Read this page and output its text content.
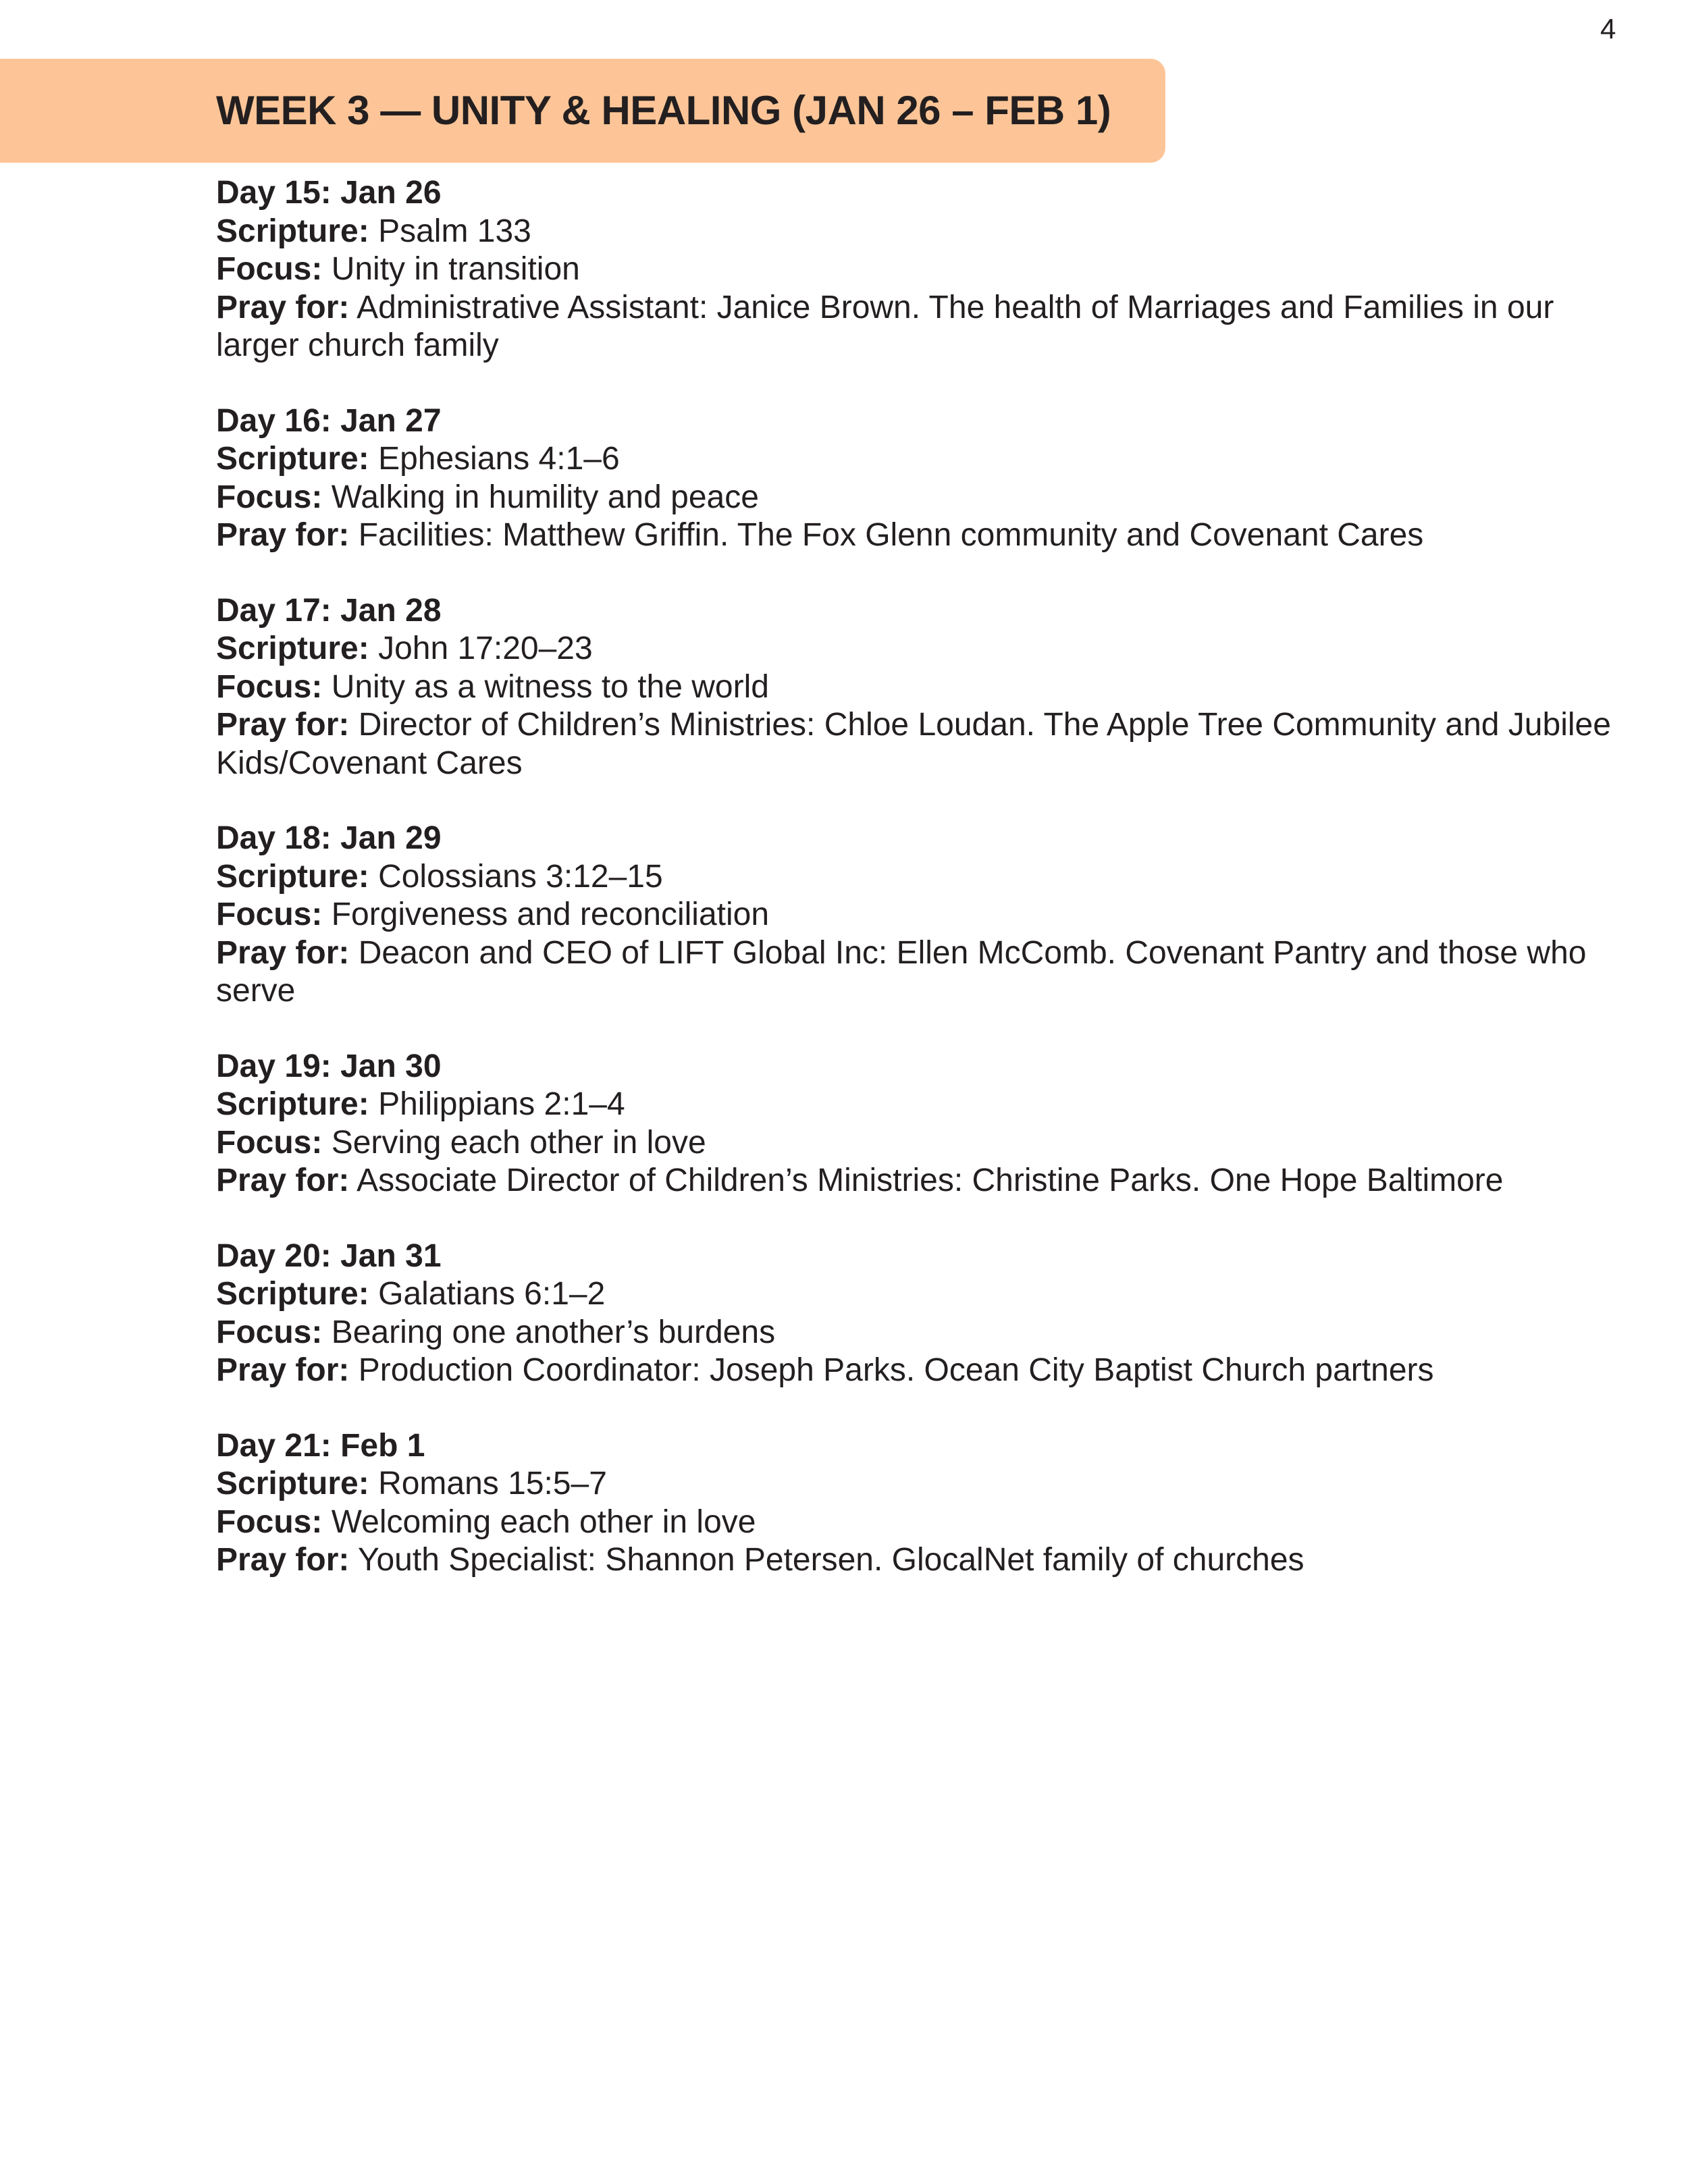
4
WEEK 3 — UNITY & HEALING (JAN 26 – FEB 1)

Day 15: Jan 26

Scripture: Psalm 133

Focus: Unity in transition

Pray for: Administrative Assistant: Janice Brown. The health of Marriages and Families in our larger church family

Day 16: Jan 27

Scripture: Ephesians 4:1–6

Focus: Walking in humility and peace

Pray for: Facilities: Matthew Griffin. The Fox Glenn community and Covenant Cares

Day 17: Jan 28

Scripture: John 17:20–23

Focus: Unity as a witness to the world

Pray for: Director of Children’s Ministries: Chloe Loudan. The Apple Tree Community and Jubilee Kids/Covenant Cares

Day 18: Jan 29

Scripture: Colossians 3:12–15

Focus: Forgiveness and reconciliation

Pray for: Deacon and CEO of LIFT Global Inc: Ellen McComb. Covenant Pantry and those who serve

Day 19: Jan 30

Scripture: Philippians 2:1–4

Focus: Serving each other in love

Pray for: Associate Director of Children’s Ministries: Christine Parks. One Hope Baltimore

Day 20: Jan 31

Scripture: Galatians 6:1–2

Focus: Bearing one another’s burdens

Pray for: Production Coordinator: Joseph Parks. Ocean City Baptist Church partners

Day 21: Feb 1

Scripture: Romans 15:5–7

Focus: Welcoming each other in love

Pray for: Youth Specialist: Shannon Petersen. GlocalNet family of churches
